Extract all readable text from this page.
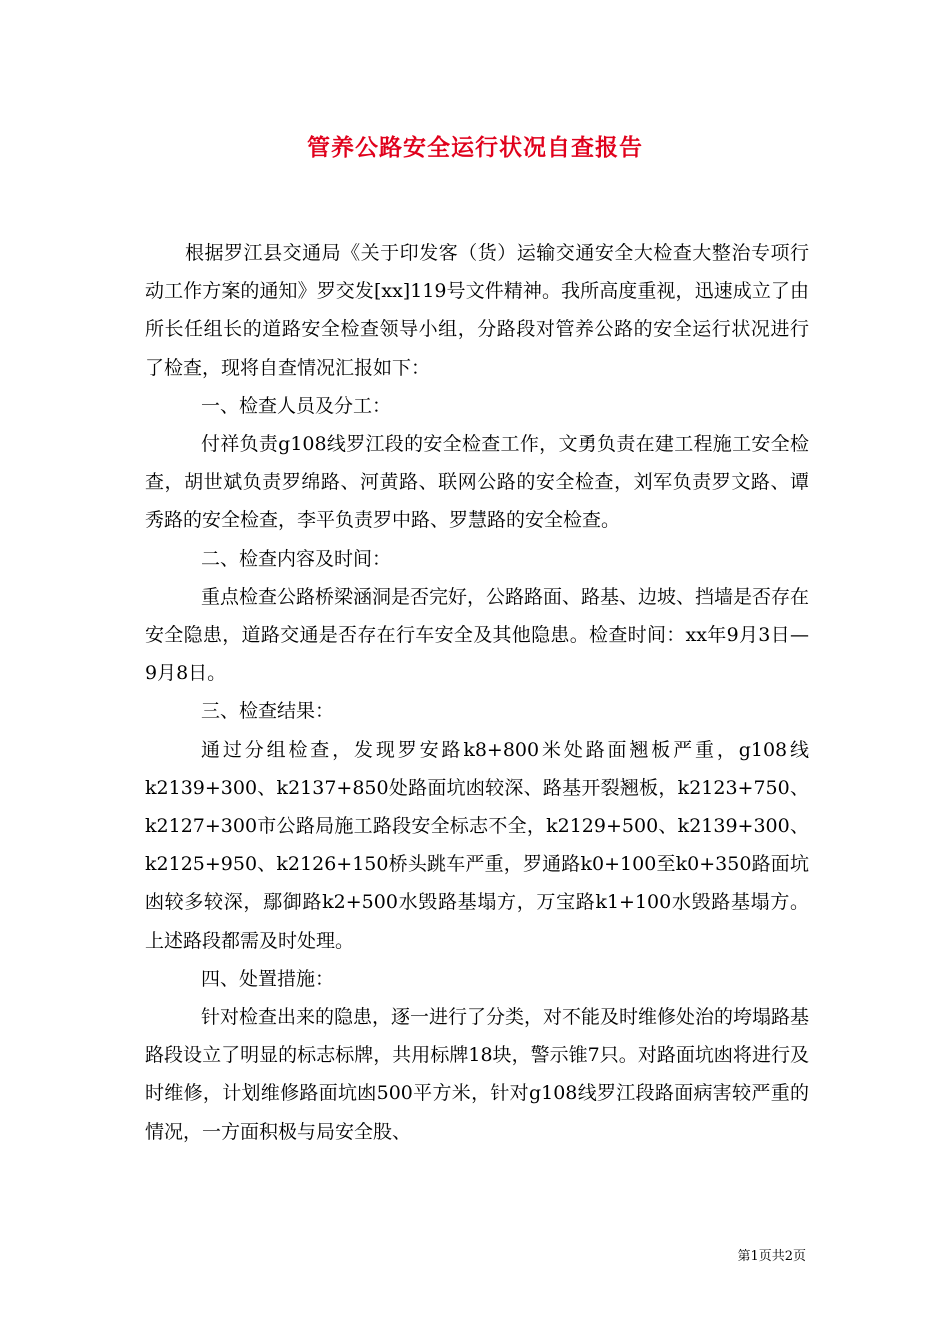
管养公路安全运行状况自查报告

根据罗江县交通局《关于印发客（货）运输交通安全大检查大整治专项行动工作方案的通知》罗交发[xx]119号文件精神。我所高度重视，迅速成立了由所长任组长的道路安全检查领导小组，分路段对管养公路的安全运行状况进行了检查，现将自查情况汇报如下：

一、检查人员及分工：

付祥负责g108线罗江段的安全检查工作，文勇负责在建工程施工安全检查，胡世斌负责罗绵路、河黄路、联网公路的安全检查，刘军负责罗文路、谭秀路的安全检查，李平负责罗中路、罗慧路的安全检查。

二、检查内容及时间：

重点检查公路桥梁涵洞是否完好，公路路面、路基、边坡、挡墙是否存在安全隐患，道路交通是否存在行车安全及其他隐患。检查时间：xx年9月3日—9月8日。

三、检查结果：

通过分组检查，发现罗安路k8+800米处路面翘板严重，g108线k2139+300、k2137+850处路面坑凼较深、路基开裂翘板，k2123+750、k2127+300市公路局施工路段安全标志不全，k2129+500、k2139+300、k2125+950、k2126+150桥头跳车严重，罗通路k0+100至k0+350路面坑凼较多较深，鄢御路k2+500水毁路基塌方，万宝路k1+100水毁路基塌方。上述路段都需及时处理。

四、处置措施：

针对检查出来的隐患，逐一进行了分类，对不能及时维修处治的垮塌路基路段设立了明显的标志标牌，共用标牌18块，警示锥7只。对路面坑凼将进行及时维修，计划维修路面坑凼500平方米，针对g108线罗江段路面病害较严重的情况，一方面积极与局安全股、

第1页共2页
